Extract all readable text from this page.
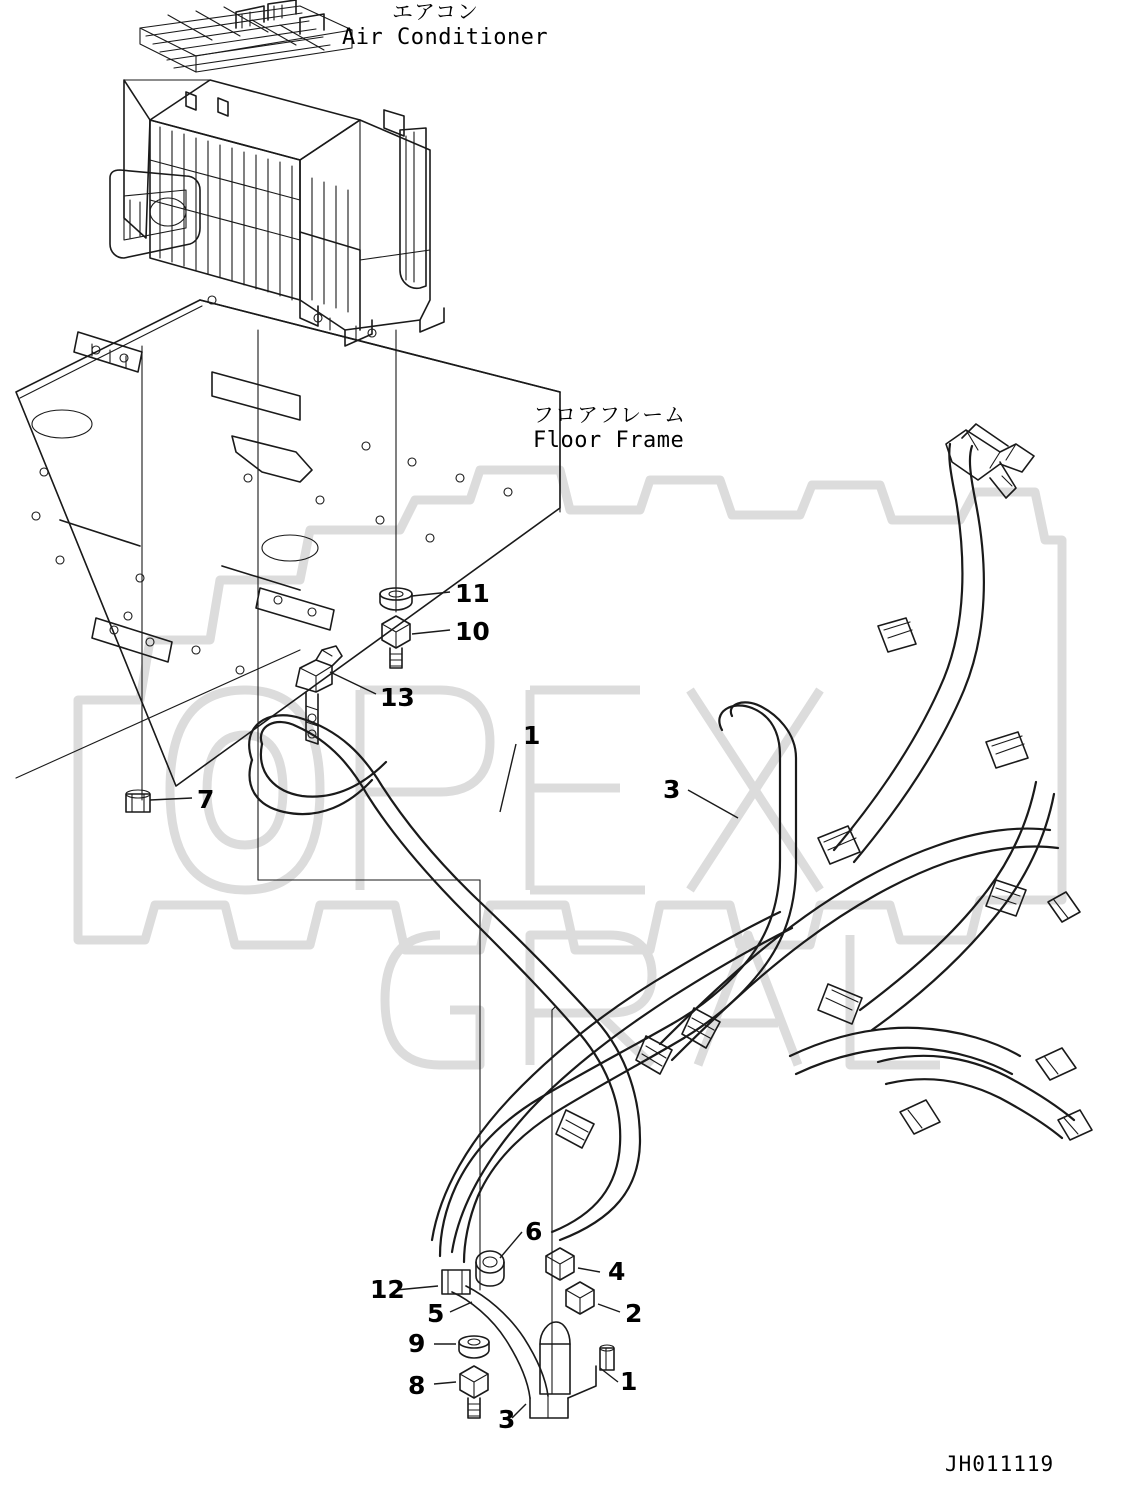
エアコン
Air Conditioner
フロアフレーム
Floor Frame
11
10
13
7
1
3
6
4
12
5	2
9
8	1
3
JH011119
